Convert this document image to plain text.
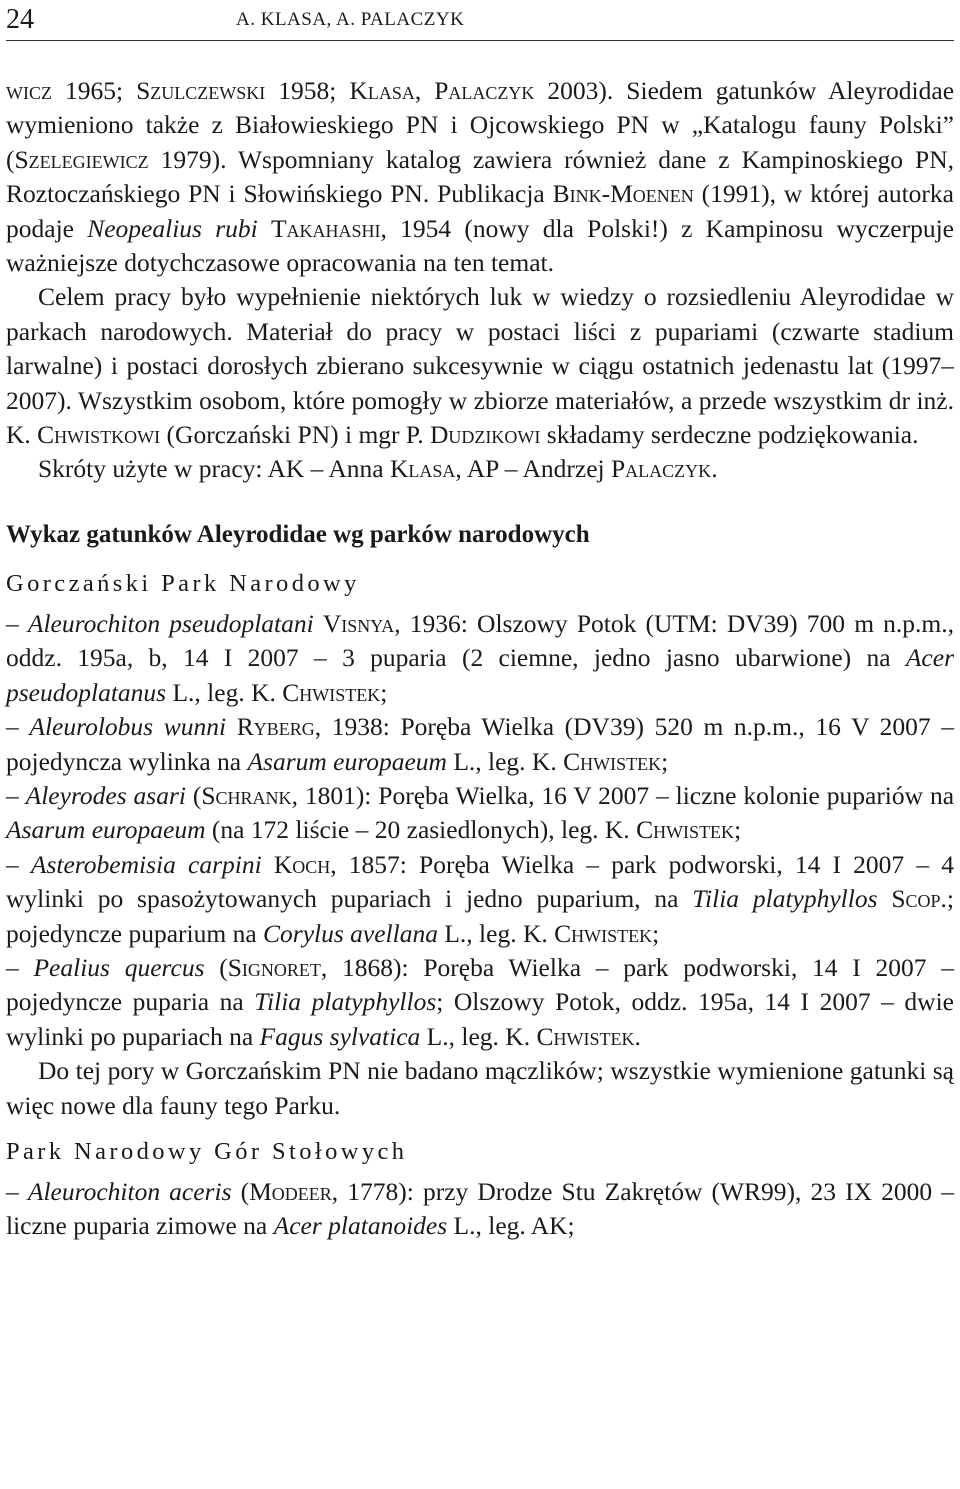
24	A. KLASA, A. PALACZYK

wicz 1965; Szulczewski 1958; Klasa, Palaczyk 2003). Siedem gatunków Aleyrodidae wymieniono także z Białowieskiego PN i Ojcowskiego PN w „Katalogu fauny Polski” (Szelegiewicz 1979). Wspomniany katalog zawiera również dane z Kampinoskiego PN, Roztoczańskiego PN i Słowińskiego PN. Publikacja Bink-Moenen (1991), w której autorka podaje Neopealius rubi Takahashi, 1954 (nowy dla Polski!) z Kampinosu wyczerpuje ważniejsze dotychczasowe opracowania na ten temat.

Celem pracy było wypełnienie niektórych luk w wiedzy o rozsiedleniu Aleyrodidae w parkach narodowych. Materiał do pracy w postaci liści z pupariami (czwarte stadium larwalne) i postaci dorosłych zbierano sukcesywnie w ciągu ostatnich jedenastu lat (1997–2007). Wszystkim osobom, które pomogły w zbiorze materiałów, a przede wszystkim dr inż. K. Chwistkowi (Gorczański PN) i mgr P. Dudzikowi składamy serdeczne podziękowania.

Skróty użyte w pracy: AK – Anna Klasa, AP – Andrzej Palaczyk.

Wykaz gatunków Aleyrodidae wg parków narodowych
Gorczański Park Narodowy

– Aleurochiton pseudoplatani Visnya, 1936: Olszowy Potok (UTM: DV39) 700 m n.p.m., oddz. 195a, b, 14 I 2007 – 3 puparia (2 ciemne, jedno jasno ubarwione) na Acer pseudoplatanus L., leg. K. Chwistek;

– Aleurolobus wunni Ryberg, 1938: Poręba Wielka (DV39) 520 m n.p.m., 16 V 2007 – pojedyncza wylinka na Asarum europaeum L., leg. K. Chwistek;

– Aleyrodes asari (Schrank, 1801): Poręba Wielka, 16 V 2007 – liczne kolonie pupariów na Asarum europaeum (na 172 liście – 20 zasiedlonych), leg. K. Chwistek;

– Asterobemisia carpini Koch, 1857: Poręba Wielka – park podworski, 14 I 2007 – 4 wylinki po spasożytowanych pupariach i jedno puparium, na Tilia platyphyllos Scop.; pojedyncze puparium na Corylus avellana L., leg. K. Chwistek;

– Pealius quercus (Signoret, 1868): Poręba Wielka – park podworski, 14 I 2007 – pojedyncze puparia na Tilia platyphyllos; Olszowy Potok, oddz. 195a, 14 I 2007 – dwie wylinki po pupariach na Fagus sylvatica L., leg. K. Chwistek.

Do tej pory w Gorczańskim PN nie badano mączlików; wszystkie wymienione gatunki są więc nowe dla fauny tego Parku.

Park Narodowy Gór Stołowych

– Aleurochiton aceris (Modeer, 1778): przy Drodze Stu Zakrętów (WR99), 23 IX 2000 – liczne puparia zimowe na Acer platanoides L., leg. AK;
